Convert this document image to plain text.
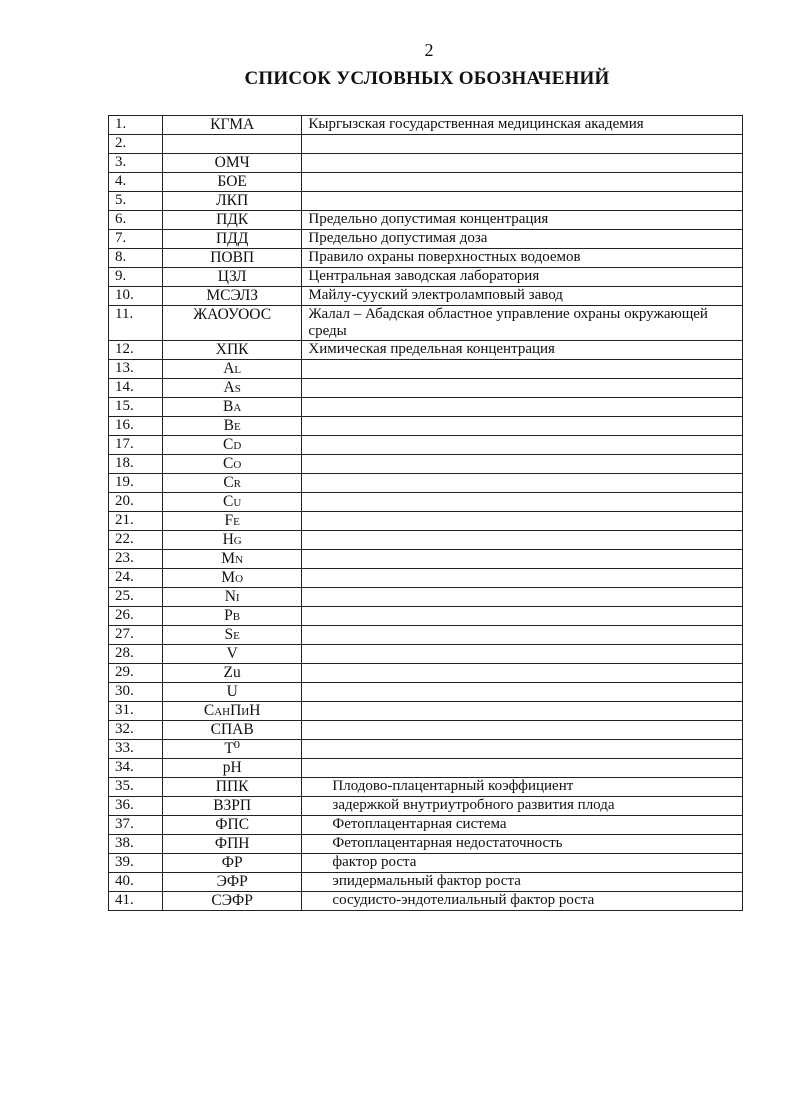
2
СПИСОК УСЛОВНЫХ ОБОЗНАЧЕНИЙ
1.	КГМА	Кыргызская государственная медицинская академия
2.		
3.	ОМЧ	
4.	БОЕ	
5.	ЛКП	
6.	ПДК	Предельно допустимая концентрация
7.	ПДД	Предельно допустимая доза
8.	ПОВП	Правило охраны поверхностных водоемов
9.	ЦЗЛ	Центральная заводская лаборатория
10.	МСЭЛЗ	Майлу-сууский электроламповый завод
11.	ЖАОУООС	Жалал – Абадская областное управление охраны окружающей среды
12.	ХПК	Химическая предельная концентрация
13.	Al	
14.	As	
15.	Ba	
16.	Be	
17.	Cd	
18.	Co	
19.	Cr	
20.	Cu	
21.	Fe	
22.	Hg	
23.	Mn	
24.	Mo	
25.	Ni	
26.	Pb	
27.	Se	
28.	V	
29.	Zu	
30.	U	
31.	СанПиН	
32.	СПАВ	
33.	T⁰	
34.	pH	
35.	ППК	Плодово-плацентарный коэффициент
36.	ВЗРП	задержкой внутриутробного развития плода
37.	ФПС	Фетоплацентарная система
38.	ФПН	Фетоплацентарная недостаточность
39.	ФР	фактор роста
40.	ЭФР	эпидермальный фактор роста
41.	СЭФР	сосудисто-эндотелиальный фактор роста
